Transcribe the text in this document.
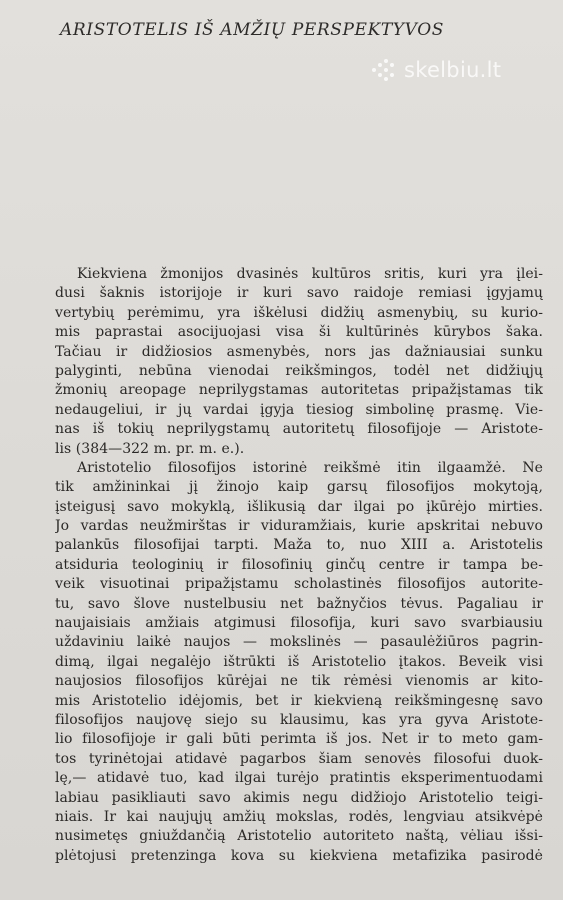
ARISTOTELIS IŠ AMŽIŲ PERSPEKTYVOS
skelbiu.lt
Kiekviena žmonijos dvasinės kultūros sritis, kuri yra įlei-
dusi šaknis istorijoje ir kuri savo raidoje remiasi įgyjamų
vertybių perėmimu, yra iškėlusi didžių asmenybių, su kurio-
mis paprastai asocijuojasi visa ši kultūrinės kūrybos šaka.
Tačiau ir didžiosios asmenybės, nors jas dažniausiai sunku
palyginti, nebūna vienodai reikšmingos, todėl net didžiųjų
žmonių areopage neprilygstamas autoritetas pripažįstamas tik
nedaugeliui, ir jų vardai įgyja tiesiog simbolinę prasmę. Vie-
nas iš tokių neprilygstamų autoritetų filosofijoje — Aristote-
lis (384—322 m. pr. m. e.).
Aristotelio filosofijos istorinė reikšmė itin ilgaamžė. Ne
tik amžininkai jį žinojo kaip garsų filosofijos mokytoją,
įsteigusį savo mokyklą, išlikusią dar ilgai po įkūrėjo mirties.
Jo vardas neužmirštas ir viduramžiais, kurie apskritai nebuvo
palankūs filosofijai tarpti. Maža to, nuo XIII a. Aristotelis
atsiduria teologinių ir filosofinių ginčų centre ir tampa be-
veik visuotinai pripažįstamu scholastinės filosofijos autorite-
tu, savo šlove nustelbusiu net bažnyčios tėvus. Pagaliau ir
naujaisiais amžiais atgimusi filosofija, kuri savo svarbiausiu
uždaviniu laikė naujos — mokslinės — pasaulėžiūros pagrin-
dimą, ilgai negalėjo ištrūkti iš Aristotelio įtakos. Beveik visi
naujosios filosofijos kūrėjai ne tik rėmėsi vienomis ar kito-
mis Aristotelio idėjomis, bet ir kiekvieną reikšmingesnę savo
filosofijos naujovę siejo su klausimu, kas yra gyva Aristote-
lio filosofijoje ir gali būti perimta iš jos. Net ir to meto gam-
tos tyrinėtojai atidavė pagarbos šiam senovės filosofui duok-
lę,— atidavė tuo, kad ilgai turėjo pratintis eksperimentuodami
labiau pasikliauti savo akimis negu didžiojo Aristotelio teigi-
niais. Ir kai naujųjų amžių mokslas, rodės, lengviau atsikvėpė
nusimetęs gniuždančią Aristotelio autoriteto naštą, vėliau išsi-
plėtojusi pretenzinga kova su kiekviena metafizika pasirodė
